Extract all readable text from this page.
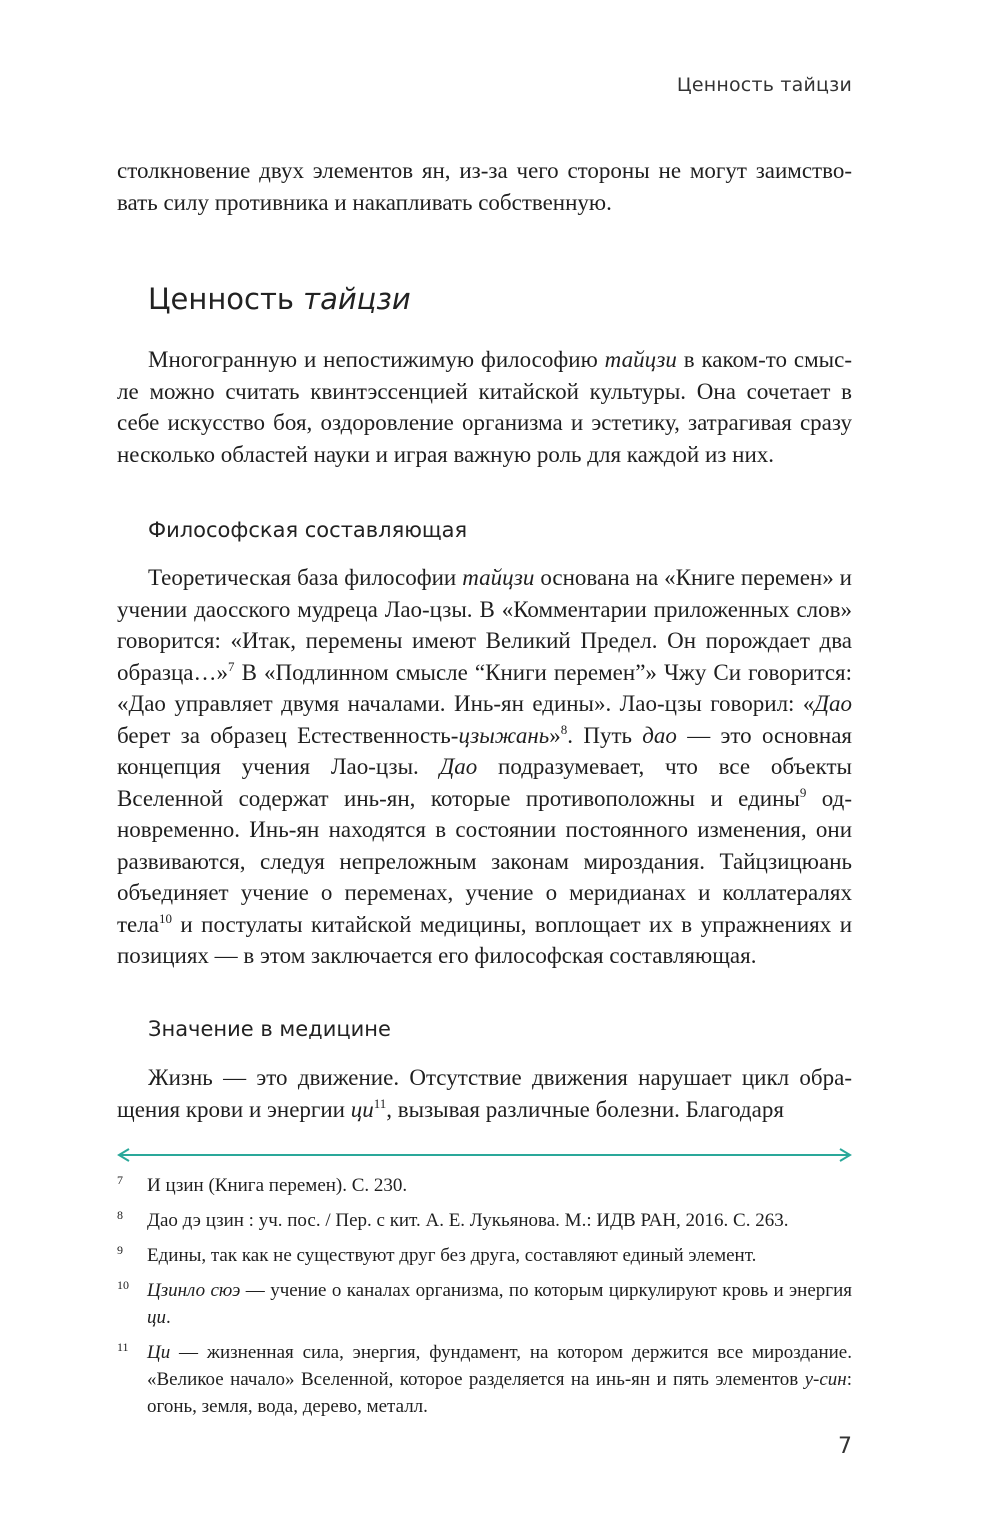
Ценность тайцзи

столкновение двух элементов ян, из-за чего стороны не могут заимствовать силу противника и накапливать собственную.

Ценность тайцзи

Многогранную и непостижимую философию тайцзи в каком-то смысле можно считать квинтэссенцией китайской культуры. Она сочетает в себе искусство боя, оздоровление организма и эстетику, затрагивая сразу несколько областей науки и играя важную роль для каждой из них.

Философская составляющая

Теоретическая база философии тайцзи основана на «Книге перемен» и учении даосского мудреца Лао-цзы. В «Комментарии приложенных слов» говорится: «Итак, перемены имеют Великий Предел. Он порождает два образца…»$^7$ В «Подлинном смысле “Книги перемен”» Чжу Си говорится: «Дао управляет двумя началами. Инь-ян едины». Лао-цзы говорил: «Дао берет за образец Естественность-цзыжань»$^8$. Путь дао — это основная концепция учения Лао-цзы. Дао подразумевает, что все объекты Вселенной содержат инь-ян, которые противоположны и едины$^9$ одновременно. Инь-ян находятся в состоянии постоянного изменения, они развиваются, следуя непреложным законам мироздания. Тайцзицюань объединяет учение о переменах, учение о меридианах и коллатералях тела$^{10}$ и постулаты китайской медицины, воплощает их в упражнениях и позициях — в этом заключается его философская составляющая.

Значение в медицине

Жизнь — это движение. Отсутствие движения нарушает цикл обращения крови и энергии $ци^{11}$, вызывая различные болезни. Благодаря

7 И цзин (Книга перемен). С. 230.
8 Дао дэ цзин : уч. пос. / Пер. с кит. А. Е. Лукьянова. М.: ИДВ РАН, 2016. С. 263.
9 Едины, так как не существуют друг без друга, составляют единый элемент.
10 Цзинло сюэ — учение о каналах организма, по которым циркулируют кровь и энергия ци.
11 Ци — жизненная сила, энергия, фундамент, на котором держится все мироздание. «Великое начало» Вселенной, которое разделяется на инь-ян и пять элементов у-син: огонь, земля, вода, дерево, металл.
7
